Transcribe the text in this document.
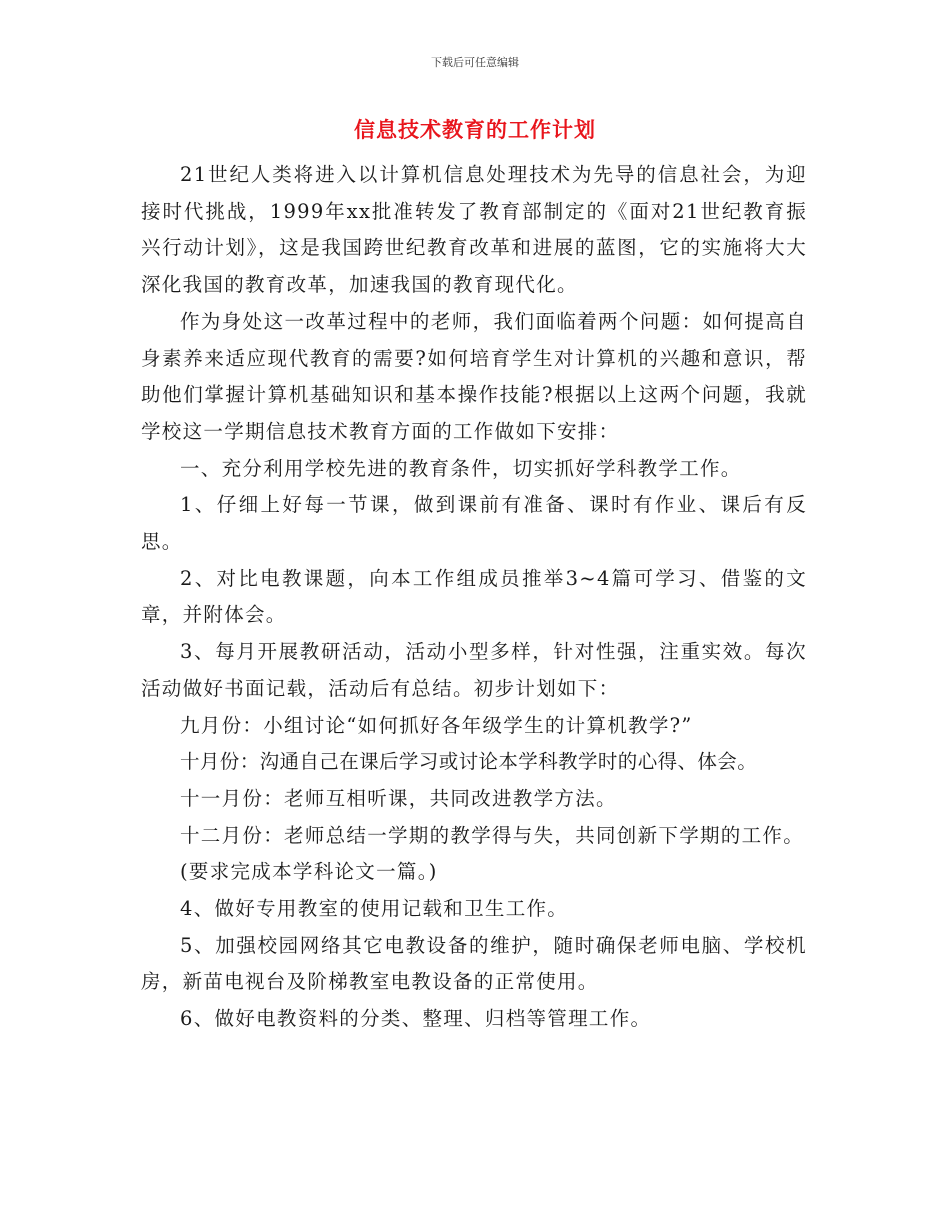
下载后可任意编辑
信息技术教育的工作计划

21世纪人类将进入以计算机信息处理技术为先导的信息社会，为迎接时代挑战，1999年xx批准转发了教育部制定的《面对21世纪教育振兴行动计划》，这是我国跨世纪教育改革和进展的蓝图，它的实施将大大深化我国的教育改革，加速我国的教育现代化。

作为身处这一改革过程中的老师，我们面临着两个问题：如何提高自身素养来适应现代教育的需要?如何培育学生对计算机的兴趣和意识，帮助他们掌握计算机基础知识和基本操作技能?根据以上这两个问题，我就学校这一学期信息技术教育方面的工作做如下安排：

一、充分利用学校先进的教育条件，切实抓好学科教学工作。

1、仔细上好每一节课，做到课前有准备、课时有作业、课后有反思。

2、对比电教课题，向本工作组成员推举3~4篇可学习、借鉴的文章，并附体会。

3、每月开展教研活动，活动小型多样，针对性强，注重实效。每次活动做好书面记载，活动后有总结。初步计划如下：

九月份：小组讨论“如何抓好各年级学生的计算机教学?”

十月份：沟通自己在课后学习或讨论本学科教学时的心得、体会。

十一月份：老师互相听课，共同改进教学方法。

十二月份：老师总结一学期的教学得与失，共同创新下学期的工作。

(要求完成本学科论文一篇。)

4、做好专用教室的使用记载和卫生工作。

5、加强校园网络其它电教设备的维护，随时确保老师电脑、学校机房，新苗电视台及阶梯教室电教设备的正常使用。

6、做好电教资料的分类、整理、归档等管理工作。
